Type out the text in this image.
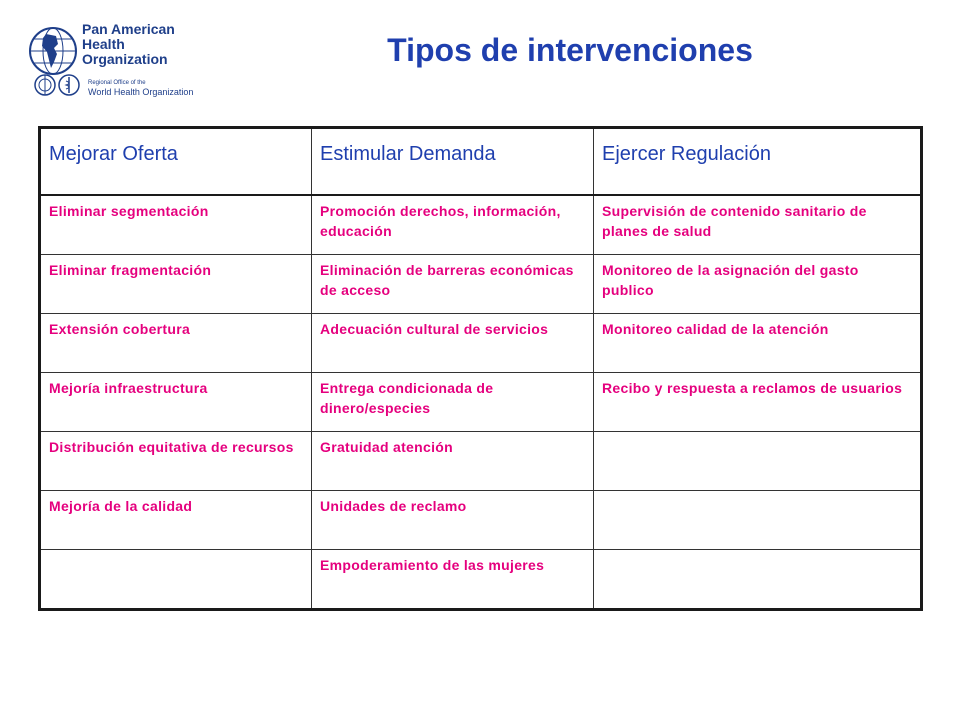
Pan American
Health
Organization
Regional Office of the
World Health Organization
Tipos de intervenciones
Mejorar Oferta	Estimular Demanda	Ejercer Regulación
Eliminar segmentación	Promoción derechos, información, educación	Supervisión de contenido sanitario de planes de salud
Eliminar fragmentación	Eliminación de barreras económicas de acceso	Monitoreo de la asignación del gasto publico
Extensión cobertura	Adecuación cultural de servicios	Monitoreo calidad de la atención
Mejoría infraestructura	Entrega condicionada de dinero/especies	Recibo y respuesta a reclamos de usuarios
Distribución equitativa de recursos	Gratuidad atención	
Mejoría de la calidad	Unidades de reclamo	
	Empoderamiento de las mujeres	
